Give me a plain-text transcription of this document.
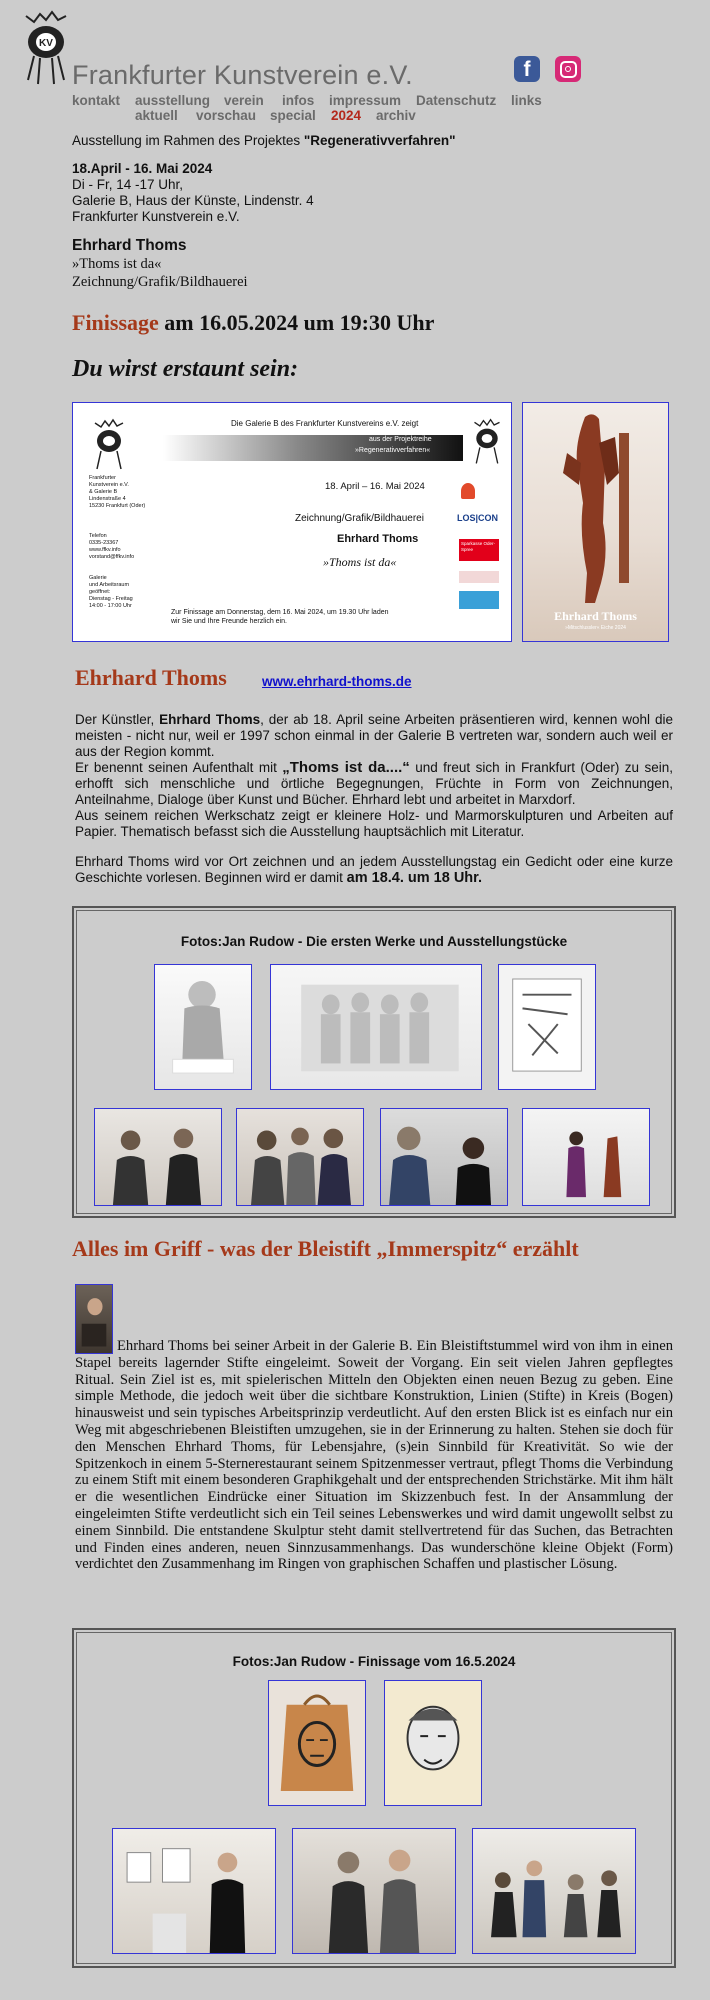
KV
Frankfurter Kunstverein e.V.	f
kontakt ausstellung verein infos impressum Datenschutz links
aktuell vorschau special 2024 archiv
Ausstellung im Rahmen des Projektes "Regenerativverfahren"
18.April - 16. Mai 2024
Di - Fr, 14 -17 Uhr,
Galerie B, Haus der Künste, Lindenstr. 4
Frankfurter Kunstverein e.V.
Ehrhard Thoms
»Thoms ist da«
Zeichnung/Grafik/Bildhauerei
Finissage am 16.05.2024 um 19:30 Uhr
Du wirst erstaunt sein:
Die Galerie B des Frankfurter Kunstvereins e.V. zeigt
aus der Projektreihe
»Regenerativverfahren«
18. April – 16. Mai 2024
Zeichnung/Grafik/Bildhauerei
Ehrhard Thoms
»Thoms ist da«
Frankfurter
Kunstverein e.V.
& Galerie B
Lindenstraße 4
15230 Frankfurt (Oder)
Telefon
0335-23367
www.ffkv.info
vorstand@ffkv.info
Galerie
und Arbeitsraum
geöffnet:
Dienstag - Freitag
14:00 - 17:00 Uhr
Zur Finissage am Donnerstag, dem 16. Mai 2024, um 19.30 Uhr laden
wir Sie und Ihre Freunde herzlich ein.
LOS|CON
Sparkasse Oder-Spree
Ehrhard Thoms
»Mitschlussler« Eiche 2024
Ehrhard Thoms	www.ehrhard-thoms.de
Der Künstler, Ehrhard Thoms, der ab 18. April seine Arbeiten präsentieren wird, kennen wohl die meisten - nicht nur, weil er 1997 schon einmal in der Galerie B vertreten war, sondern auch weil er aus der Region kommt.
Er benennt seinen Aufenthalt mit „Thoms ist da....“ und freut sich in Frankfurt (Oder) zu sein, erhofft sich menschliche und örtliche Begegnungen, Früchte in Form von Zeichnungen, Anteilnahme, Dialoge über Kunst und Bücher. Ehrhard lebt und arbeitet in Marxdorf.
Aus seinem reichen Werkschatz zeigt er kleinere Holz- und Marmorskulpturen und Arbeiten auf Papier. Thematisch befasst sich die Ausstellung hauptsächlich mit Literatur.
Ehrhard Thoms wird vor Ort zeichnen und an jedem Ausstellungstag ein Gedicht oder eine kurze Geschichte vorlesen. Beginnen wird er damit am 18.4. um 18 Uhr.
Fotos:Jan Rudow - Die ersten Werke und Ausstellungstücke
Alles im Griff - was der Bleistift „Immerspitz“ erzählt
Ehrhard Thoms bei seiner Arbeit in der Galerie B. Ein Bleistiftstummel wird von ihm in einen Stapel bereits lagernder Stifte eingeleimt. Soweit der Vorgang. Ein seit vielen Jahren gepflegtes Ritual. Sein Ziel ist es, mit spielerischen Mitteln den Objekten einen neuen Bezug zu geben. Eine simple Methode, die jedoch weit über die sichtbare Konstruktion, Linien (Stifte) in Kreis (Bogen) hinausweist und sein typisches Arbeitsprinzip verdeutlicht. Auf den ersten Blick ist es einfach nur ein Weg mit abgeschriebenen Bleistiften umzugehen, sie in der Erinnerung zu halten. Stehen sie doch für den Menschen Ehrhard Thoms, für Lebensjahre, (s)ein Sinnbild für Kreativität. So wie der Spitzenkoch in einem 5-Sternerestaurant seinem Spitzenmesser vertraut, pflegt Thoms die Verbindung zu einem Stift mit einem besonderen Graphikgehalt und der entsprechenden Strichstärke. Mit ihm hält er die wesentlichen Eindrücke einer Situation im Skizzenbuch fest. In der Ansammlung der eingeleimten Stifte verdeutlicht sich ein Teil seines Lebenswerkes und wird damit ungewollt selbst zu einem Sinnbild. Die entstandene Skulptur steht damit stellvertretend für das Suchen, das Betrachten und Finden eines anderen, neuen Sinnzusammenhangs. Das wunderschöne kleine Objekt (Form) verdichtet den Zusammenhang im Ringen von graphischen Schaffen und plastischer Lösung.
Fotos:Jan Rudow - Finissage vom 16.5.2024
